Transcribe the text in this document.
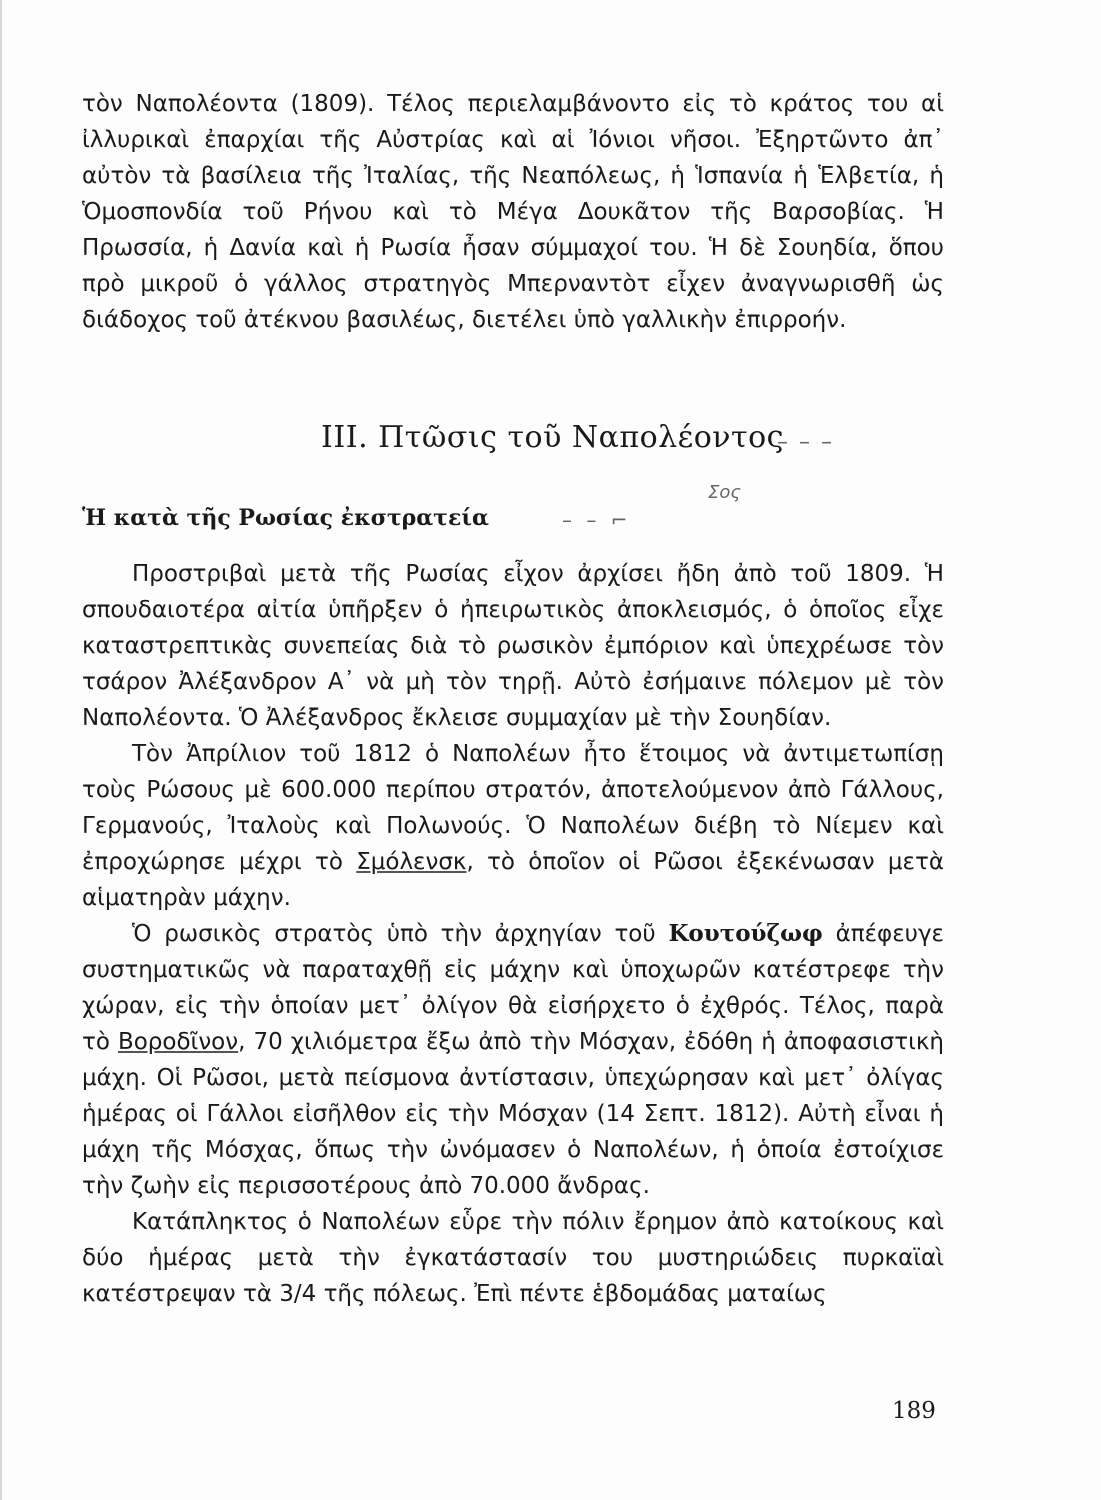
τὸν Ναπολέοντα (1809). Τέλος περιελαμβάνοντο εἰς τὸ κράτος του αἱ ἰλλυρικαὶ ἐπαρχίαι τῆς Αὐστρίας καὶ αἱ Ἰόνιοι νῆσοι. Ἐξηρτῶντο ἀπ᾽ αὐτὸν τὰ βασίλεια τῆς Ἰταλίας, τῆς Νεαπόλεως, ἡ Ἱσπανία ἡ Ἑλβετία, ἡ Ὁμοσπονδία τοῦ Ρήνου καὶ τὸ Μέγα Δουκᾶτον τῆς Βαρσοβίας. Ἡ Πρωσσία, ἡ Δανία καὶ ἡ Ρωσία ἦσαν σύμμαχοί του. Ἡ δὲ Σουηδία, ὅπου πρὸ μικροῦ ὁ γάλλος στρατηγὸς Μπερναντὸτ εἶχεν ἀναγνωρισθῆ ὡς διάδοχος τοῦ ἀτέκνου βασιλέως, διετέλει ὑπὸ γαλλικὴν ἐπιρροήν.

ΙΙΙ. Πτῶσις τοῦ Ναπολέοντος
– – –
Σος
Ἡ κατὰ τῆς Ρωσίας ἐκστρατεία	– – ⌐

Προστριβαὶ μετὰ τῆς Ρωσίας εἶχον ἀρχίσει ἤδη ἀπὸ τοῦ 1809. Ἡ σπουδαιοτέρα αἰτία ὑπῆρξεν ὁ ἠπειρωτικὸς ἀποκλεισμός, ὁ ὁποῖος εἶχε καταστρεπτικὰς συνεπείας διὰ τὸ ρωσικὸν ἐμπόριον καὶ ὑπεχρέωσε τὸν τσάρον Ἀλέξανδρον Α᾽ νὰ μὴ τὸν τηρῇ. Αὐτὸ ἐσήμαινε πόλεμον μὲ τὸν Ναπολέοντα. Ὁ Ἀλέξανδρος ἔκλεισε συμμαχίαν μὲ τὴν Σουηδίαν.

Τὸν Ἀπρίλιον τοῦ 1812 ὁ Ναπολέων ἦτο ἕτοιμος νὰ ἀντιμετωπίσῃ τοὺς Ρώσους μὲ 600.000 περίπου στρατόν, ἀποτελούμενον ἀπὸ Γάλλους, Γερμανούς, Ἰταλοὺς καὶ Πολωνούς. Ὁ Ναπολέων διέβη τὸ Νίεμεν καὶ ἐπροχώρησε μέχρι τὸ Σμόλενσκ, τὸ ὁποῖον οἱ Ρῶσοι ἐξεκένωσαν μετὰ αἱματηρὰν μάχην.

Ὁ ρωσικὸς στρατὸς ὑπὸ τὴν ἀρχηγίαν τοῦ Κουτούζωφ ἀπέφευγε συστηματικῶς νὰ παραταχθῇ εἰς μάχην καὶ ὑποχωρῶν κατέστρεφε τὴν χώραν, εἰς τὴν ὁποίαν μετ᾽ ὀλίγον θὰ εἰσήρχετο ὁ ἐχθρός. Τέλος, παρὰ τὸ Βοροδῖνον, 70 χιλιόμετρα ἔξω ἀπὸ τὴν Μόσχαν, ἐδόθη ἡ ἀποφασιστικὴ μάχη. Οἱ Ρῶσοι, μετὰ πείσμονα ἀντίστασιν, ὑπεχώρησαν καὶ μετ᾽ ὀλίγας ἡμέρας οἱ Γάλλοι εἰσῆλθον εἰς τὴν Μόσχαν (14 Σεπτ. 1812). Αὐτὴ εἶναι ἡ μάχη τῆς Μόσχας, ὅπως τὴν ὠνόμασεν ὁ Ναπολέων, ἡ ὁποία ἐστοίχισε τὴν ζωὴν εἰς περισσοτέρους ἀπὸ 70.000 ἄνδρας.

Κατάπληκτος ὁ Ναπολέων εὗρε τὴν πόλιν ἔρημον ἀπὸ κατοίκους καὶ δύο ἡμέρας μετὰ τὴν ἐγκατάστασίν του μυστηριώδεις πυρκαϊαὶ κατέστρεψαν τὰ 3/4 τῆς πόλεως. Ἐπὶ πέντε ἑβδομάδας ματαίως

189
